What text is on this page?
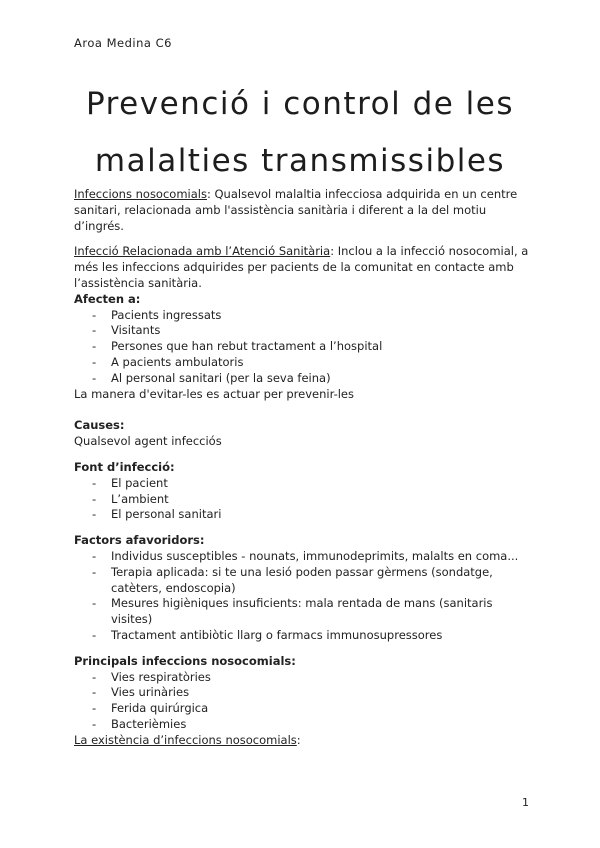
Aroa Medina C6
Prevenció i control de les
malalties transmissibles

Infeccions nosocomials: Qualsevol malaltia infecciosa adquirida en un centre sanitari, relacionada amb l'assistència sanitària i diferent a la del motiu d’ingrés.

Infecció Relacionada amb l’Atenció Sanitària: Inclou a la infecció nosocomial, a més les infeccions adquirides per pacients de la comunitat en contacte amb l’assistència sanitària.

Afecten a:

- Pacients ingressats
- Visitants
- Persones que han rebut tractament a l’hospital
- A pacients ambulatoris
- Al personal sanitari (per la seva feina)

La manera d'evitar-les es actuar per prevenir-les

Causes:

Qualsevol agent infecciós

Font d’infecció:

- El pacient
- L’ambient
- El personal sanitari

Factors afavoridors:

- Individus susceptibles - nounats, immunodeprimits, malalts en coma...
- Terapia aplicada: si te una lesió poden passar gèrmens (sondatge, catèters, endoscopia)
- Mesures higièniques insuficients: mala rentada de mans (sanitaris visites)
- Tractament antibiòtic llarg o farmacs immunosupressores

Principals infeccions nosocomials:

- Vies respiratòries
- Vies urinàries
- Ferida quirúrgica
- Bacterièmies

La existència d’infeccions nosocomials:

1
